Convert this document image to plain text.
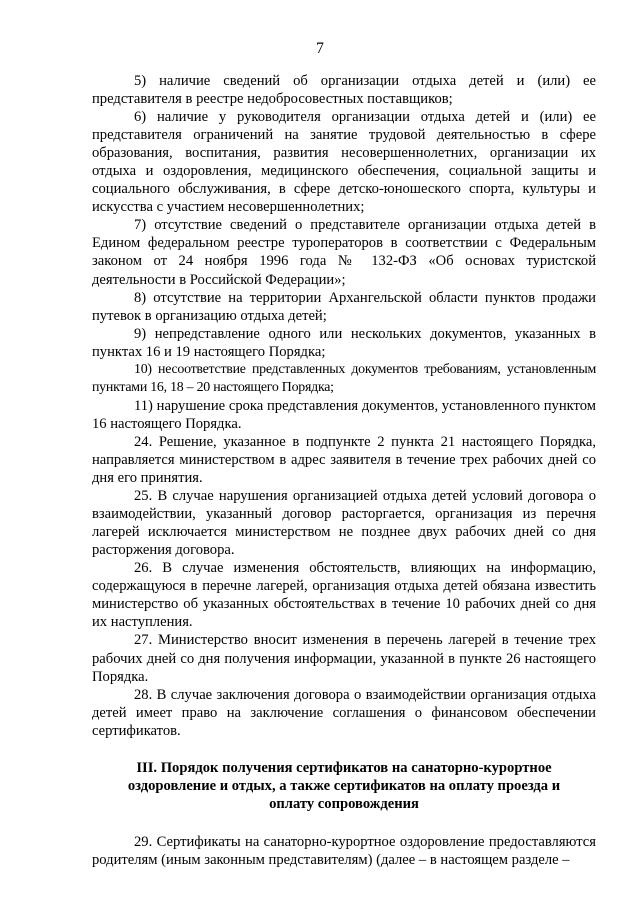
7

5) наличие сведений об организации отдыха детей и (или) ее представителя в реестре недобросовестных поставщиков;

6) наличие у руководителя организации отдыха детей и (или) ее представителя ограничений на занятие трудовой деятельностью в сфере образования, воспитания, развития несовершеннолетних, организации их отдыха и оздоровления, медицинского обеспечения, социальной защиты и социального обслуживания, в сфере детско-юношеского спорта, культуры и искусства с участием несовершеннолетних;

7) отсутствие сведений о представителе организации отдыха детей в Едином федеральном реестре туроператоров в соответствии с Федеральным законом от 24 ноября 1996 года № 132-ФЗ «Об основах туристской деятельности в Российской Федерации»;

8) отсутствие на территории Архангельской области пунктов продажи путевок в организацию отдыха детей;

9) непредставление одного или нескольких документов, указанных в пунктах 16 и 19 настоящего Порядка;

10) несоответствие представленных документов требованиям, установленным пунктами 16, 18 – 20 настоящего Порядка;

11) нарушение срока представления документов, установленного пунктом 16 настоящего Порядка.

24. Решение, указанное в подпункте 2 пункта 21 настоящего Порядка, направляется министерством в адрес заявителя в течение трех рабочих дней со дня его принятия.

25. В случае нарушения организацией отдыха детей условий договора о взаимодействии, указанный договор расторгается, организация из перечня лагерей исключается министерством не позднее двух рабочих дней со дня расторжения договора.

26. В случае изменения обстоятельств, влияющих на информацию, содержащуюся в перечне лагерей, организация отдыха детей обязана известить министерство об указанных обстоятельствах в течение 10 рабочих дней со дня их наступления.

27. Министерство вносит изменения в перечень лагерей в течение трех рабочих дней со дня получения информации, указанной в пункте 26 настоящего Порядка.

28. В случае заключения договора о взаимодействии организация отдыха детей имеет право на заключение соглашения о финансовом обеспечении сертификатов.

III. Порядок получения сертификатов на санаторно-курортное оздоровление и отдых, а также сертификатов на оплату проезда и оплату сопровождения

29. Сертификаты на санаторно-курортное оздоровление предоставляются родителям (иным законным представителям) (далее – в настоящем разделе –
